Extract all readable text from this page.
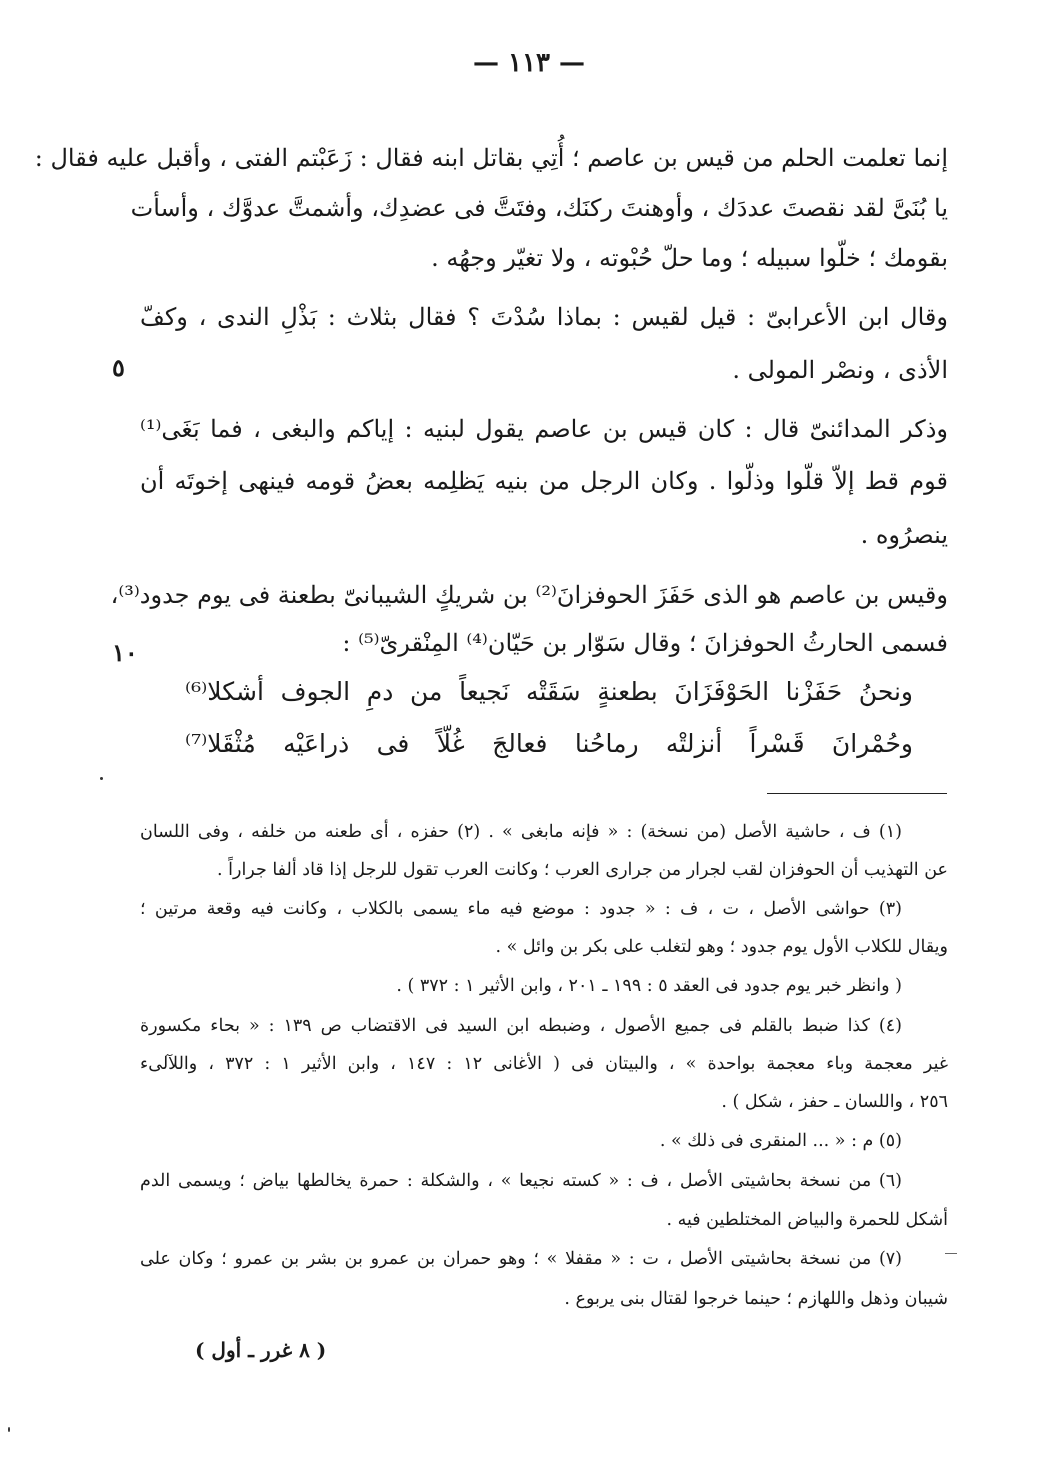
— ١١٣ —
إنما تعلمت الحلم من قيس بن عاصم ؛ أُتِي بقاتل ابنه فقال : زَعَبْتم الفتى ، وأقبل عليه فقال :
يا بُنَىَّ لقد نقصتَ عددَك ، وأوهنتَ ركنَك، وفتَتَّ فى عضدِك، وأشمتَّ عدوَّك ، وأسأت
بقومك ؛ خلّوا سبيله ؛ وما حلّ حُبْوته ، ولا تغيّر وجهُه .
وقال ابن الأعرابىّ : قيل لقيس : بماذا سُدْتَ ؟ فقال بثلاث : بَذْلِ الندى ، وكفّ
الأذى ، ونصْر المولى .
وذكر المدائنىّ قال : كان قيس بن عاصم يقول لبنيه : إياكم والبغى ، فما بَغَى⁽¹⁾
قوم قط إلاّ قلّوا وذلّوا . وكان الرجل من بنيه يَظلِمه بعضُ قومه فينهى إخوتَه أن
ينصرُوه .
وقيس بن عاصم هو الذى حَفَزَ الحوفزانَ⁽²⁾ بن شريكٍ الشيبانىّ بطعنة فى يوم جدود⁽³⁾،
فسمى الحارثُ الحوفزانَ ؛ وقال سَوّار بن حَيّان⁽⁴⁾ المِنْقرىّ⁽⁵⁾ :
٥
١٠
ونحنُ حَفَزْنا الحَوْفَزَانَ بطعنةٍ سَقَتْه نَجيعاً من دمِ الجوف أشكلا⁽⁶⁾
وحُمْرانَ قَسْراً أنزلتْه رماحُنا فعالجَ غُلّاً فى ذراعَيْه مُثْقَلا⁽⁷⁾
(١) ف ، حاشية الأصل (من نسخة) : « فإنه مابغى » . (٢) حفزه ، أى طعنه من خلفه ، وفى اللسان
عن التهذيب أن الحوفزان لقب لجرار من جرارى العرب ؛ وكانت العرب تقول للرجل إذا قاد ألفا جراراً .
(٣) حواشى الأصل ، ت ، ف : « جدود : موضع فيه ماء يسمى بالكلاب ، وكانت فيه وقعة مرتين ؛
ويقال للكلاب الأول يوم جدود ؛ وهو لتغلب على بكر بن وائل » .
( وانظر خبر يوم جدود فى العقد ٥ : ١٩٩ ـ ٢٠١ ، وابن الأثير ١ : ٣٧٢ ) .
(٤) كذا ضبط بالقلم فى جميع الأصول ، وضبطه ابن السيد فى الاقتضاب ص ١٣٩ : « بحاء مكسورة
غير معجمة وباء معجمة بواحدة » ، والبيتان فى ( الأغانى ١٢ : ١٤٧ ، وابن الأثير ١ : ٣٧٢ ، واللآلىء
٢٥٦ ، واللسان ـ حفز ، شكل ) .
(٥) م : « ... المنقرى فى ذلك » .
(٦) من نسخة بحاشيتى الأصل ، ف : « كسته نجيعا » ، والشكلة : حمرة يخالطها بياض ؛ ويسمى الدم
أشكل للحمرة والبياض المختلطين فيه .
(٧) من نسخة بحاشيتى الأصل ، ت : « مقفلا » ؛ وهو حمران بن عمرو بن بشر بن عمرو ؛ وكان على
شيبان وذهل واللهازم ؛ حينما خرجوا لقتال بنى يربوع .
( ٨ غرر ـ أول )
